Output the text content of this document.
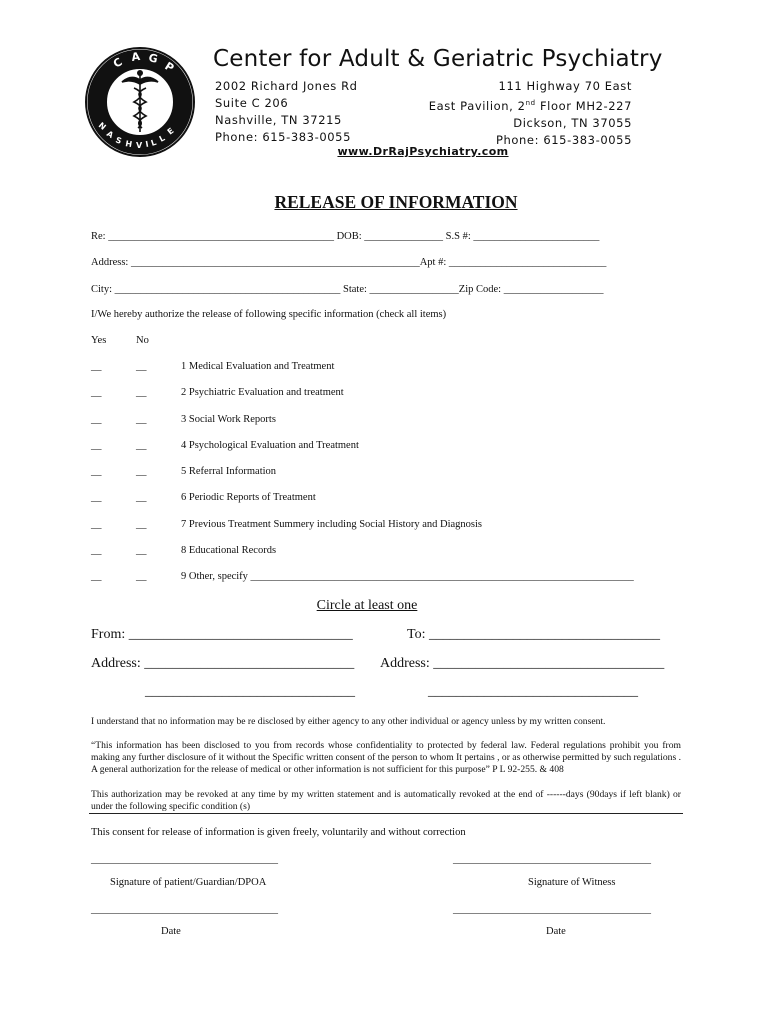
C A G
P
N
A
S H V I L L
E
Center for Adult & Geriatric Psychiatry
2002 Richard Jones Rd
Suite C 206
Nashville, TN 37215
Phone: 615-383-0055
111 Highway 70 East
East Pavilion, 2nd Floor MH2-227
Dickson, TN 37055
Phone: 615-383-0055
www.DrRajPsychiatry.com
RELEASE OF INFORMATION
Re: ___________________________________________ DOB: _______________ S.S #: ________________________
Address: _______________________________________________________Apt #: ______________________________
City: ___________________________________________ State: _________________Zip Code: ___________________
I/We hereby authorize the release of following specific information (check all items)
Yes	No
__	__	1 Medical Evaluation and Treatment
__	__	2 Psychiatric Evaluation and treatment
__	__	3 Social Work Reports
__	__	4 Psychological Evaluation and Treatment
__	__	5 Referral Information
__	__	6 Periodic Reports of Treatment
__	__	7 Previous Treatment Summery including Social History and Diagnosis
__	__	8 Educational Records
__	__	9 Other, specify _________________________________________________________________________
Circle at least one
From: ________________________________	To: _________________________________
Address: ______________________________ Address: _________________________________
______________________________	______________________________
I understand that no information may be re disclosed by either agency to any other individual or agency unless by my written consent.
“This information has been disclosed to you from records whose confidentiality to protected by federal law. Federal regulations prohibit you from making any further disclosure of it without the Specific written consent of the person to whom It pertains , or as otherwise permitted by such regulations . A general authorization for the release of medical or other information is not sufficient for this purpose” P L 92-255. & 408
This authorization may be revoked at any time by my written statement and is automatically revoked at the end of ------days (90days if left blank) or under the following specific condition (s)
This consent for release of information is given freely, voluntarily and without correction
__________________________________	____________________________________
Signature of patient/Guardian/DPOA	Signature of Witness
__________________________________	____________________________________
Date	Date
